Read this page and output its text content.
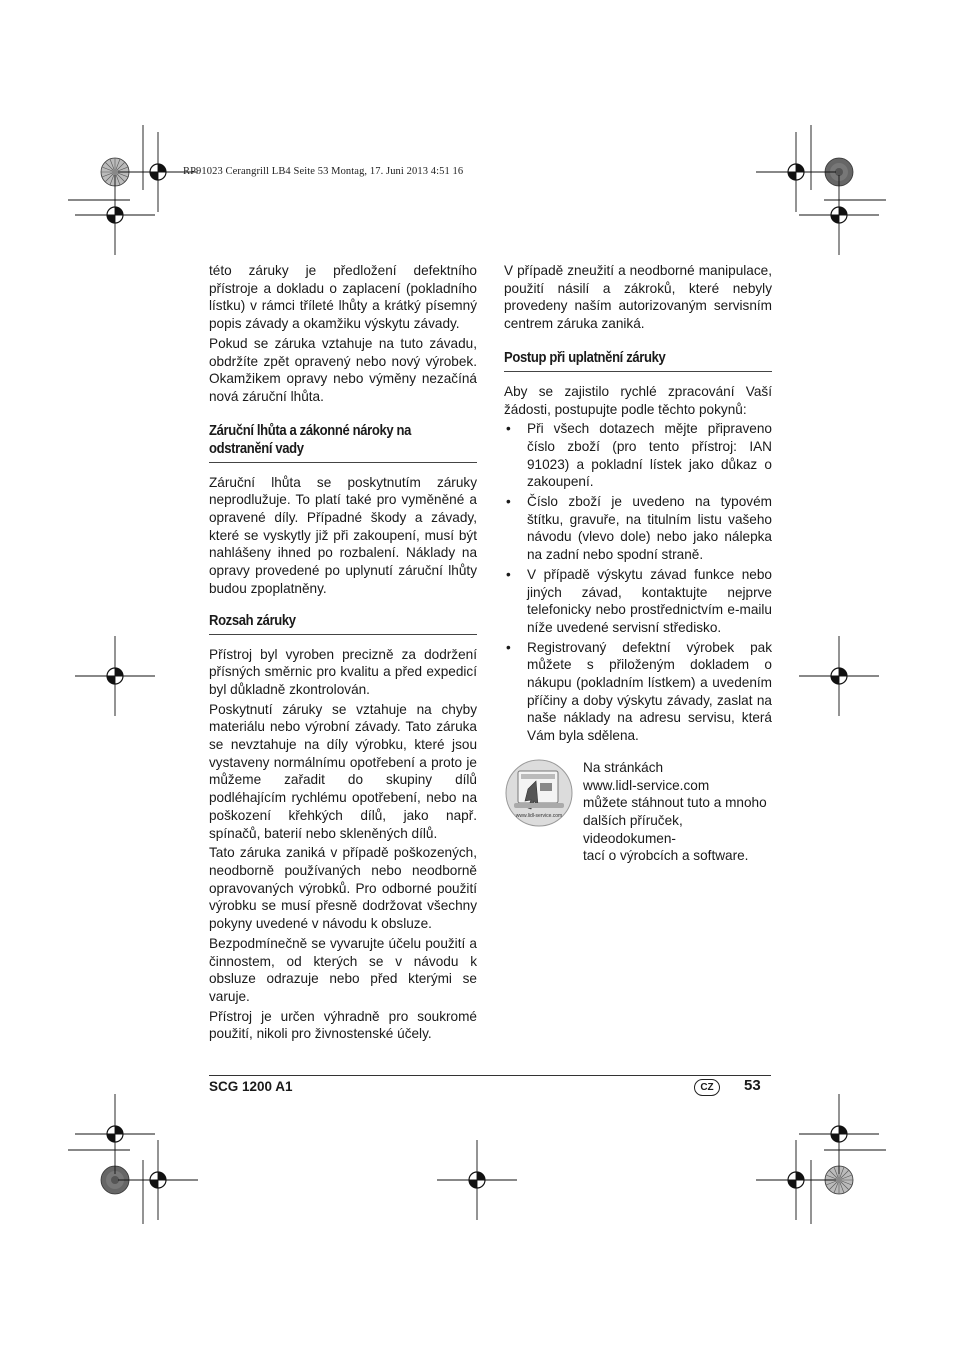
RP91023 Cerangrill LB4 Seite 53 Montag, 17. Juni 2013 4:51 16

této záruky je předložení defektního přístroje a dokladu o zaplacení (pokladního lístku) v rámci tříleté lhůty a krátký písemný popis závady a okamžiku výskytu závady.

Pokud se záruka vztahuje na tuto závadu, obdržíte zpět opravený nebo nový výrobek. Okamžikem opravy nebo výměny nezačíná nová záruční lhůta.

Záruční lhůta a zákonné nároky na odstranění vady

Záruční lhůta se poskytnutím záruky neprodlužuje. To platí také pro vyměněné a opravené díly. Případné škody a závady, které se vyskytly již při zakoupení, musí být nahlášeny ihned po rozbalení. Náklady na opravy provedené po uplynutí záruční lhůty budou zpoplatněny.

Rozsah záruky

Přístroj byl vyroben precizně za dodržení přísných směrnic pro kvalitu a před expedicí byl důkladně zkontrolován.

Poskytnutí záruky se vztahuje na chyby materiálu nebo výrobní závady. Tato záruka se nevztahuje na díly výrobku, které jsou vystaveny normálnímu opotřebení a proto je můžeme zařadit do skupiny dílů podléhajícím rychlému opotřebení, nebo na poškození křehkých dílů, jako např. spínačů, baterií nebo skleněných dílů.

Tato záruka zaniká v případě poškozených, neodborně používaných nebo neodborně opravovaných výrobků. Pro odborné použití výrobku se musí přesně dodržovat všechny pokyny uvedené v návodu k obsluze.

Bezpodmínečně se vyvarujte účelu použití a činnostem, od kterých se v návodu k obsluze odrazuje nebo před kterými se varuje.

Přístroj je určen výhradně pro soukromé použití, nikoli pro živnostenské účely.

V případě zneužití a neodborné manipulace, použití násilí a zákroků, které nebyly provedeny naším autorizovaným servisním centrem záruka zaniká.

Postup při uplatnění záruky

Aby se zajistilo rychlé zpracování Vaší žádosti, postupujte podle těchto pokynů:

• Při všech dotazech mějte připraveno číslo zboží (pro tento přístroj: IAN 91023) a pokladní lístek jako důkaz o zakoupení.
• Číslo zboží je uvedeno na typovém štítku, gravuře, na titulním listu vašeho návodu (vlevo dole) nebo jako nálepka na zadní nebo spodní straně.
• V případě výskytu závad funkce nebo jiných závad, kontaktujte nejprve telefonicky nebo prostřednictvím e-mailu níže uvedené servisní středisko.
• Registrovaný defektní výrobek pak můžete s přiloženým dokladem o nákupu (pokladním lístkem) a uvedením příčiny a doby výskytu závady, zaslat na naše náklady na adresu servisu, která Vám byla sdělena.
www.lidl-service.com
Na stránkách
www.lidl-service.com
můžete stáhnout tuto a mnoho
dalších příruček, videodokumen-
tací o výrobcích a software.
SCG 1200 A1	CZ	53
